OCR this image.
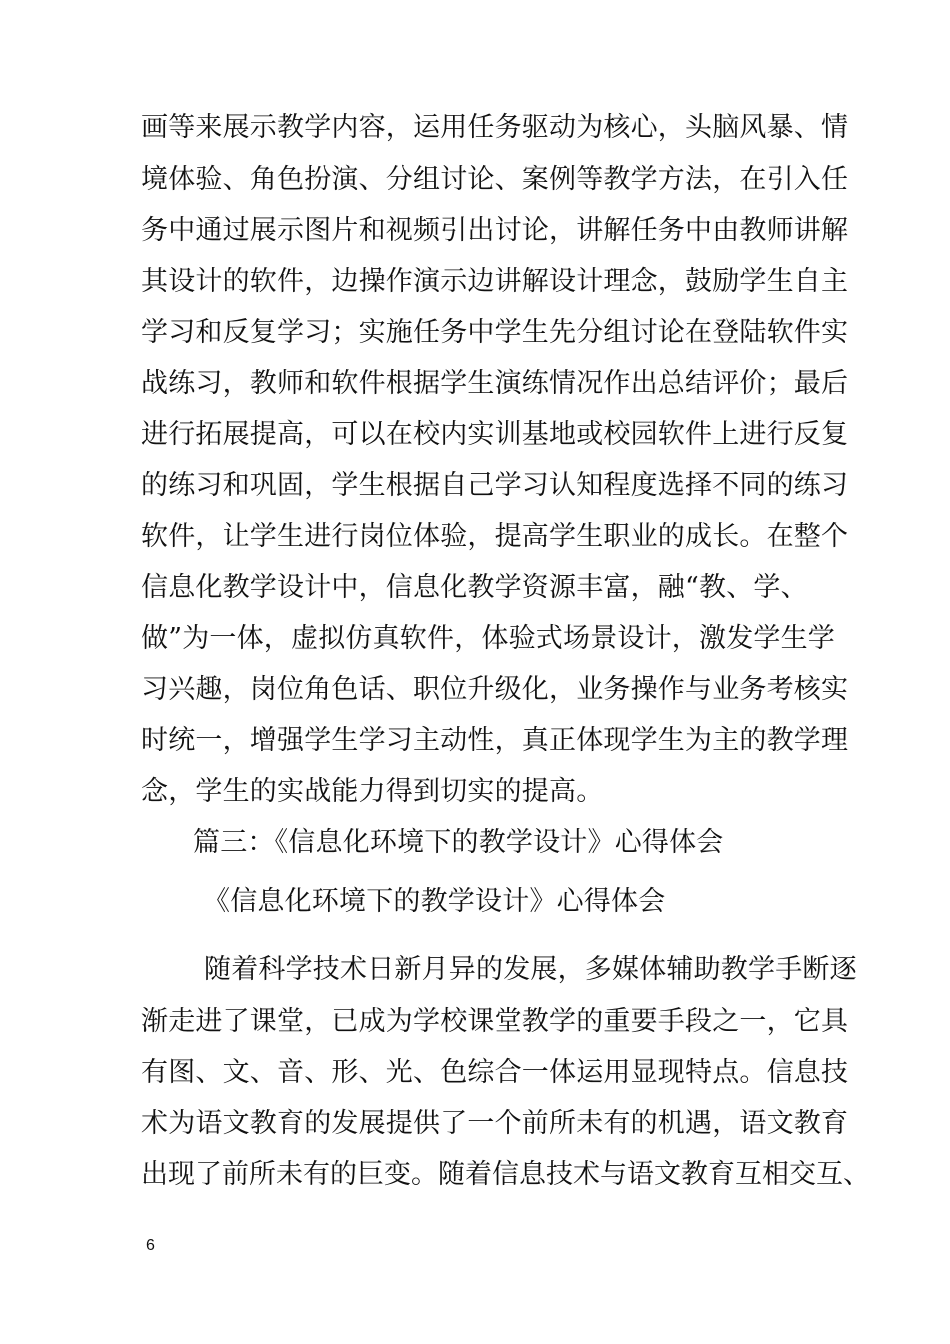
画等来展示教学内容，运用任务驱动为核心，头脑风暴、情
境体验、角色扮演、分组讨论、案例等教学方法，在引入任
务中通过展示图片和视频引出讨论，讲解任务中由教师讲解
其设计的软件，边操作演示边讲解设计理念，鼓励学生自主
学习和反复学习；实施任务中学生先分组讨论在登陆软件实
战练习，教师和软件根据学生演练情况作出总结评价；最后
进行拓展提高，可以在校内实训基地或校园软件上进行反复
的练习和巩固，学生根据自己学习认知程度选择不同的练习
软件，让学生进行岗位体验，提高学生职业的成长。在整个
信息化教学设计中，信息化教学资源丰富，融“教、学、
做”为一体，虚拟仿真软件，体验式场景设计，激发学生学
习兴趣，岗位角色话、职位升级化，业务操作与业务考核实
时统一，增强学生学习主动性，真正体现学生为主的教学理
念，学生的实战能力得到切实的提高。
篇三：《信息化环境下的教学设计》心得体会
《信息化环境下的教学设计》心得体会
随着科学技术日新月异的发展，多媒体辅助教学手断逐
渐走进了课堂，已成为学校课堂教学的重要手段之一，它具
有图、文、音、形、光、色综合一体运用显现特点。信息技
术为语文教育的发展提供了一个前所未有的机遇，语文教育
出现了前所未有的巨变。随着信息技术与语文教育互相交互、
6
